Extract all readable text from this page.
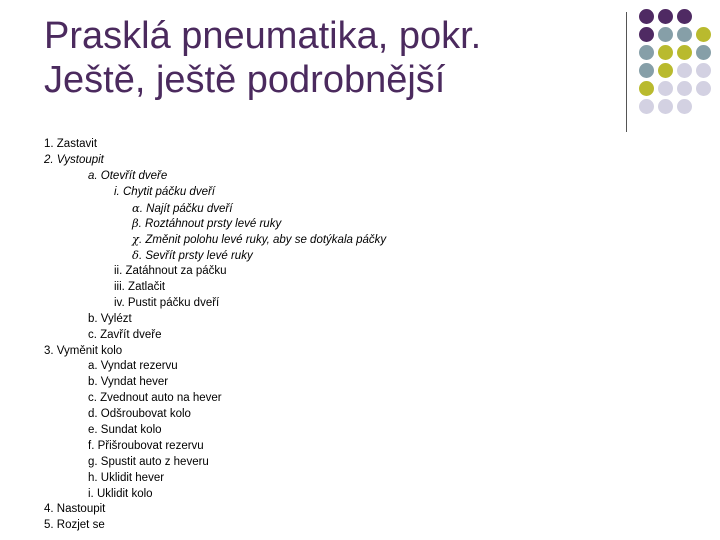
Prasklá pneumatika, pokr.
Ještě, ještě podrobnější
1. Zastavit
2. Vystoupit
a. Otevřít dveře
i. Chytit páčku dveří
α. Najít páčku dveří
β. Roztáhnout prsty levé ruky
χ. Změnit polohu levé ruky, aby se dotýkala páčky
δ. Sevřít prsty levé ruky
ii. Zatáhnout za páčku
iii. Zatlačit
iv. Pustit páčku dveří
b. Vylézt
c. Zavřít dveře
3. Vyměnit kolo
a. Vyndat rezervu
b. Vyndat hever
c. Zvednout auto na hever
d. Odšroubovat kolo
e. Sundat kolo
f. Přišroubovat rezervu
g. Spustit auto z heveru
h. Uklidit hever
i. Uklidit kolo
4. Nastoupit
5. Rozjet se
